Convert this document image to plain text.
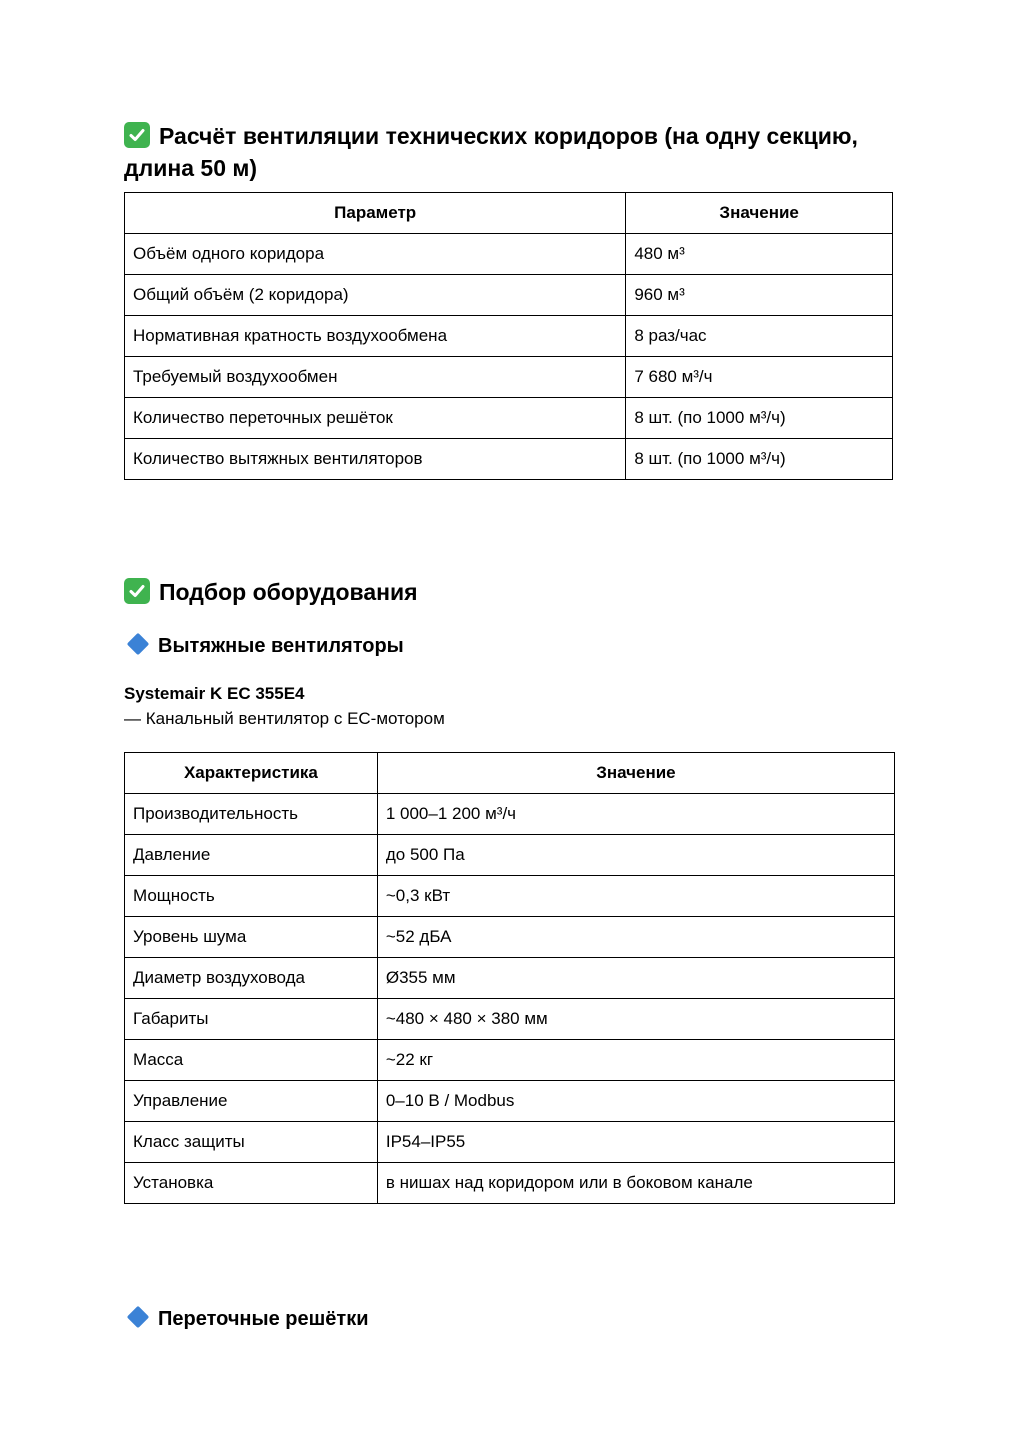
Расчёт вентиляции технических коридоров (на одну секцию, длина 50 м)
Параметр	Значение
Объём одного коридора	480 м³
Общий объём (2 коридора)	960 м³
Нормативная кратность воздухообмена	8 раз/час
Требуемый воздухообмен	7 680 м³/ч
Количество переточных решёток	8 шт. (по 1000 м³/ч)
Количество вытяжных вентиляторов	8 шт. (по 1000 м³/ч)
Подбор оборудования
Вытяжные вентиляторы
Systemair K EC 355E4
— Канальный вентилятор с EC-мотором
Характеристика	Значение
Производительность	1 000–1 200 м³/ч
Давление	до 500 Па
Мощность	~0,3 кВт
Уровень шума	~52 дБА
Диаметр воздуховода	Ø355 мм
Габариты	~480 × 480 × 380 мм
Масса	~22 кг
Управление	0–10 В / Modbus
Класс защиты	IP54–IP55
Установка	в нишах над коридором или в боковом канале
Переточные решётки
